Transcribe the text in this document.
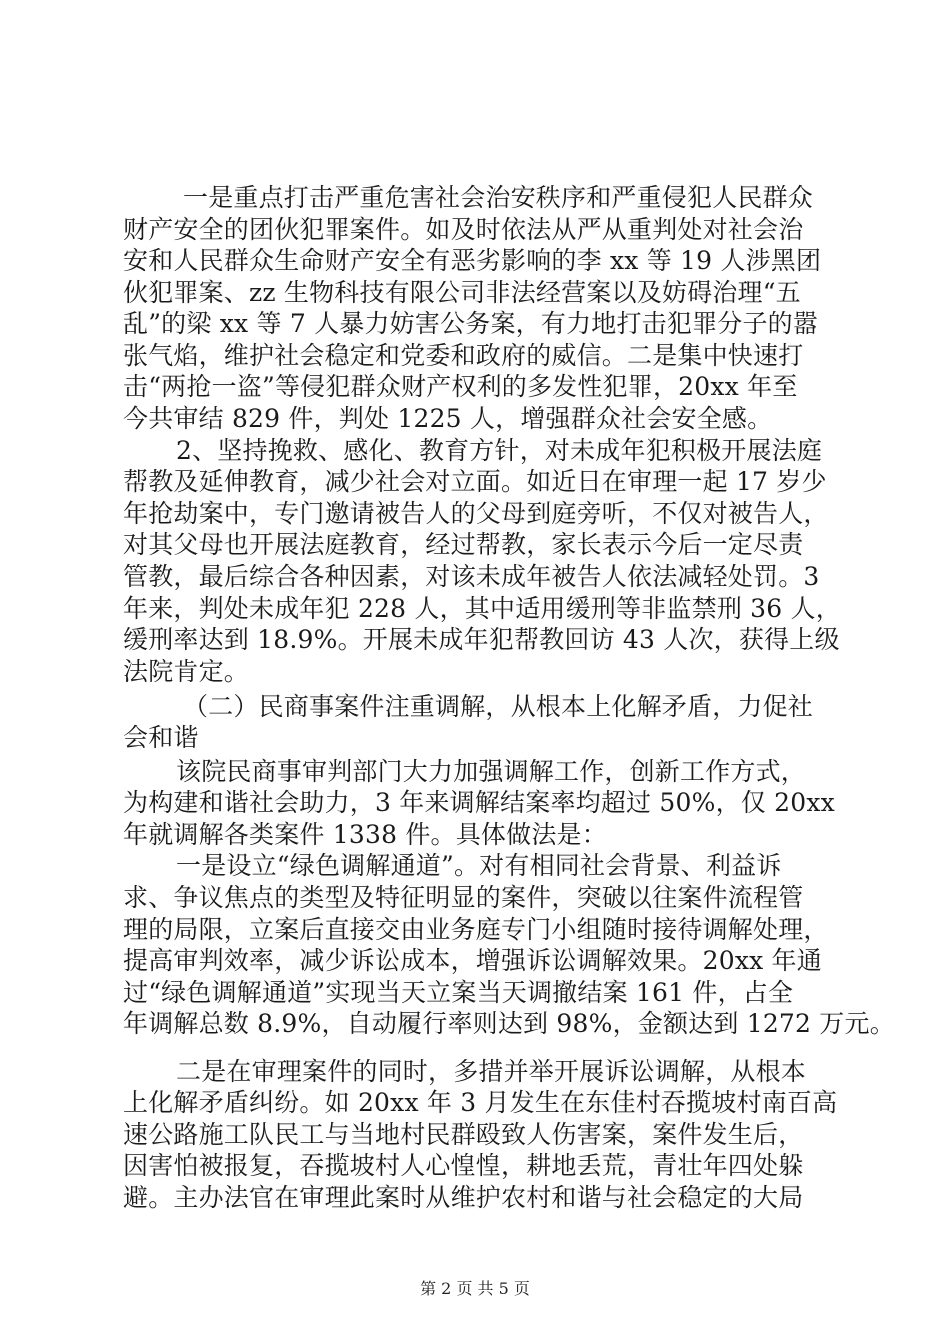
一是重点打击严重危害社会治安秩序和严重侵犯人民群众
财产安全的团伙犯罪案件。如及时依法从严从重判处对社会治
安和人民群众生命财产安全有恶劣影响的李 xx 等 19 人涉黑团
伙犯罪案、zz 生物科技有限公司非法经营案以及妨碍治理“五
乱”的梁 xx 等 7 人暴力妨害公务案，有力地打击犯罪分子的嚣
张气焰，维护社会稳定和党委和政府的威信。二是集中快速打
击“两抢一盗”等侵犯群众财产权利的多发性犯罪，20xx 年至
今共审结 829 件，判处 1225 人，增强群众社会安全感。
2、坚持挽救、感化、教育方针，对未成年犯积极开展法庭
帮教及延伸教育，减少社会对立面。如近日在审理一起 17 岁少
年抢劫案中，专门邀请被告人的父母到庭旁听，不仅对被告人，
对其父母也开展法庭教育，经过帮教，家长表示今后一定尽责
管教，最后综合各种因素，对该未成年被告人依法减轻处罚。3
年来，判处未成年犯 228 人，其中适用缓刑等非监禁刑 36 人，
缓刑率达到 18.9%。开展未成年犯帮教回访 43 人次，获得上级
法院肯定。
（二）民商事案件注重调解，从根本上化解矛盾，力促社
会和谐
该院民商事审判部门大力加强调解工作，创新工作方式，
为构建和谐社会助力，3 年来调解结案率均超过 50%，仅 20xx
年就调解各类案件 1338 件。具体做法是：
一是设立“绿色调解通道”。对有相同社会背景、利益诉
求、争议焦点的类型及特征明显的案件，突破以往案件流程管
理的局限，立案后直接交由业务庭专门小组随时接待调解处理，
提高审判效率，减少诉讼成本，增强诉讼调解效果。20xx 年通
过“绿色调解通道”实现当天立案当天调撤结案 161 件，占全
年调解总数 8.9%，自动履行率则达到 98%，金额达到 1272 万元。
二是在审理案件的同时，多措并举开展诉讼调解，从根本
上化解矛盾纠纷。如 20xx 年 3 月发生在东佳村吞揽坡村南百高
速公路施工队民工与当地村民群殴致人伤害案，案件发生后，
因害怕被报复，吞揽坡村人心惶惶，耕地丢荒，青壮年四处躲
避。主办法官在审理此案时从维护农村和谐与社会稳定的大局
第 2 页 共 5 页
